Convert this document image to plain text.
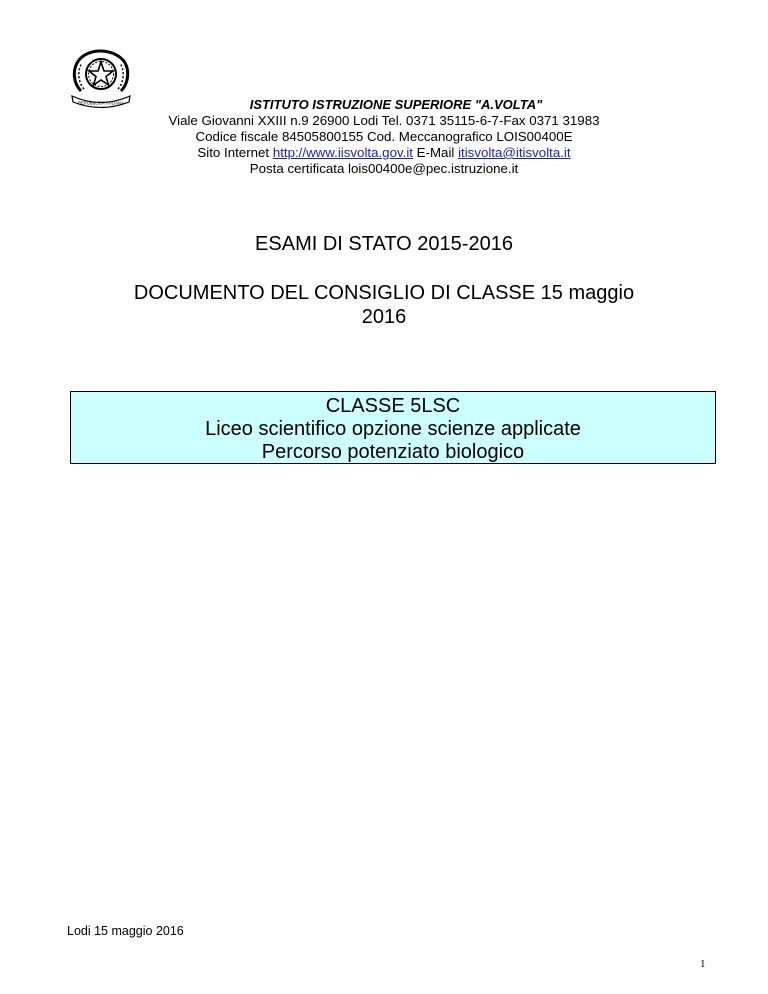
REPUBBLICA ITALIANA	ISTITUTO ISTRUZIONE SUPERIORE "A.VOLTA"
Viale Giovanni XXIII n.9 26900 Lodi Tel. 0371 35115-6-7-Fax 0371 31983
Codice fiscale 84505800155 Cod. Meccanografico LOIS00400E
Sito Internet http://www.iisvolta.gov.it E-Mail itisvolta@itisvolta.it
Posta certificata lois00400e@pec.istruzione.it
ESAMI DI STATO 2015-2016
DOCUMENTO DEL CONSIGLIO DI CLASSE 15 maggio
2016
CLASSE 5LSC
Liceo scientifico opzione scienze applicate
Percorso potenziato biologico
Lodi 15 maggio 2016
1
